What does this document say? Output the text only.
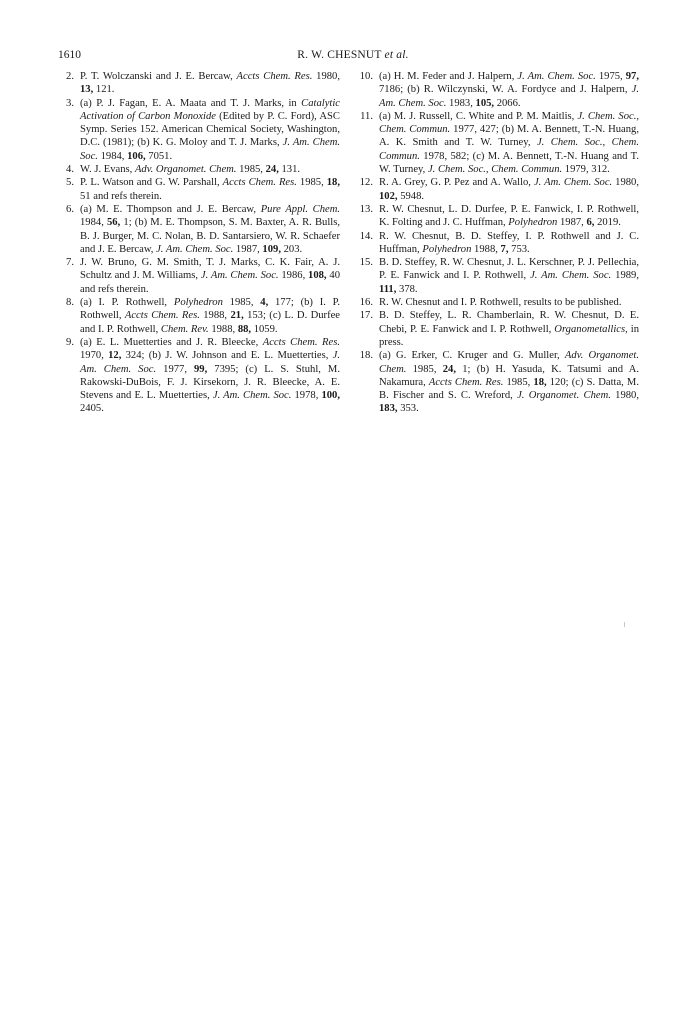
1610	R. W. CHESNUT et al.
2. P. T. Wolczanski and J. E. Bercaw, Accts Chem. Res. 1980, 13, 121.
3. (a) P. J. Fagan, E. A. Maata and T. J. Marks, in Catalytic Activation of Carbon Monoxide (Edited by P. C. Ford), ASC Symp. Series 152. American Chemical Society, Washington, D.C. (1981); (b) K. G. Moloy and T. J. Marks, J. Am. Chem. Soc. 1984, 106, 7051.
4. W. J. Evans, Adv. Organomet. Chem. 1985, 24, 131.
5. P. L. Watson and G. W. Parshall, Accts Chem. Res. 1985, 18, 51 and refs therein.
6. (a) M. E. Thompson and J. E. Bercaw, Pure Appl. Chem. 1984, 56, 1; (b) M. E. Thompson, S. M. Baxter, A. R. Bulls, B. J. Burger, M. C. Nolan, B. D. Santarsiero, W. R. Schaefer and J. E. Bercaw, J. Am. Chem. Soc. 1987, 109, 203.
7. J. W. Bruno, G. M. Smith, T. J. Marks, C. K. Fair, A. J. Schultz and J. M. Williams, J. Am. Chem. Soc. 1986, 108, 40 and refs therein.
8. (a) I. P. Rothwell, Polyhedron 1985, 4, 177; (b) I. P. Rothwell, Accts Chem. Res. 1988, 21, 153; (c) L. D. Durfee and I. P. Rothwell, Chem. Rev. 1988, 88, 1059.
9. (a) E. L. Muetterties and J. R. Bleecke, Accts Chem. Res. 1970, 12, 324; (b) J. W. Johnson and E. L. Muetterties, J. Am. Chem. Soc. 1977, 99, 7395; (c) L. S. Stuhl, M. Rakowski-DuBois, F. J. Kirsekorn, J. R. Bleecke, A. E. Stevens and E. L. Muetterties, J. Am. Chem. Soc. 1978, 100, 2405.
10. (a) H. M. Feder and J. Halpern, J. Am. Chem. Soc. 1975, 97, 7186; (b) R. Wilczynski, W. A. Fordyce and J. Halpern, J. Am. Chem. Soc. 1983, 105, 2066.
11. (a) M. J. Russell, C. White and P. M. Maitlis, J. Chem. Soc., Chem. Commun. 1977, 427; (b) M. A. Bennett, T.-N. Huang, A. K. Smith and T. W. Turney, J. Chem. Soc., Chem. Commun. 1978, 582; (c) M. A. Bennett, T.-N. Huang and T. W. Turney, J. Chem. Soc., Chem. Commun. 1979, 312.
12. R. A. Grey, G. P. Pez and A. Wallo, J. Am. Chem. Soc. 1980, 102, 5948.
13. R. W. Chesnut, L. D. Durfee, P. E. Fanwick, I. P. Rothwell, K. Folting and J. C. Huffman, Polyhedron 1987, 6, 2019.
14. R. W. Chesnut, B. D. Steffey, I. P. Rothwell and J. C. Huffman, Polyhedron 1988, 7, 753.
15. B. D. Steffey, R. W. Chesnut, J. L. Kerschner, P. J. Pellechia, P. E. Fanwick and I. P. Rothwell, J. Am. Chem. Soc. 1989, 111, 378.
16. R. W. Chesnut and I. P. Rothwell, results to be published.
17. B. D. Steffey, L. R. Chamberlain, R. W. Chesnut, D. E. Chebi, P. E. Fanwick and I. P. Rothwell, Organometallics, in press.
18. (a) G. Erker, C. Kruger and G. Muller, Adv. Organomet. Chem. 1985, 24, 1; (b) H. Yasuda, K. Tatsumi and A. Nakamura, Accts Chem. Res. 1985, 18, 120; (c) S. Datta, M. B. Fischer and S. C. Wreford, J. Organomet. Chem. 1980, 183, 353.
